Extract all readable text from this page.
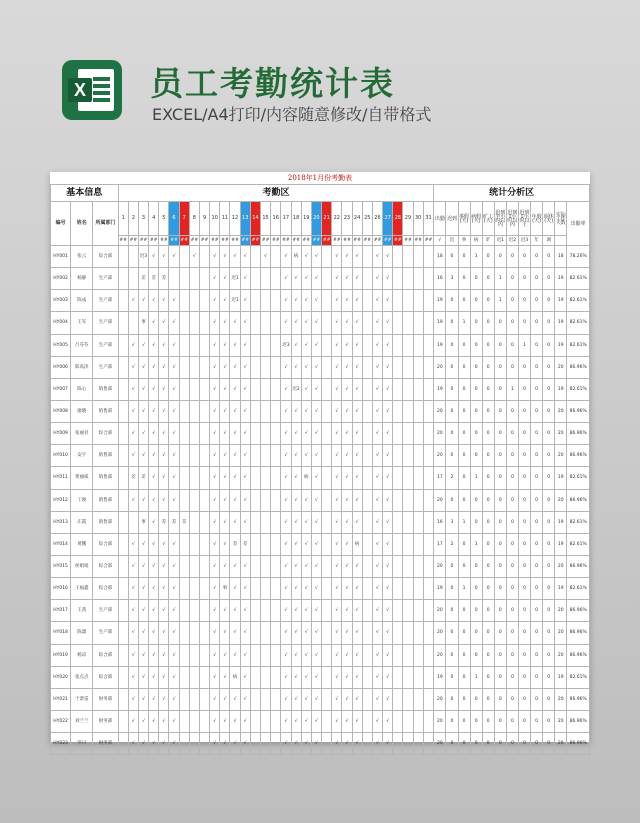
X 员工考勤统计表
EXCEL/A4打印/内容随意修改/自带格式
2018年1月份考勤表
基本信息			考勤区																															统计分析区											
编号	姓名	所属部门	1	2	3	4	5	6	7	8	9	10	11	12	13	14	15	16	17	18	19	20	21	22	23	24	25	26	27	28	29	30	31	出勤	迟到	事假(天)	病假(天)	旷工(天)	迟到半小时以内	迟到1小时以内	迟到1小时以上	年假(天)	调休(天)	实际工作天数	出勤率
			##	##	##	##	##	##	##	##	##	##	##	##	##	##	##	##	##	##	##	##	##	##	##	##	##	##	##	##	##	##	##	√	迟	事	病	旷	迟1	迟2	迟3	年	调		
HY001	张云	综合部			迟3	√	√	√		√		√	√	√	√		√		√	病	√	√		√	√	√		√	√					18	0	0	1	0	0	0	0	0	0	18	78.26%
HY002	杨静	生产部			差	差	差					√	√	迟1	√				√	√	√	√		√	√	√		√	√					16	3	0	0	0	1	0	0	0	0	19	82.61%
HY003	陈成	生产部		√	√	√	√	√				√	√	迟1	√				√	√	√	√		√	√	√		√	√					19	0	0	0	0	1	0	0	0	0	19	82.61%
HY004	王军	生产部			事	√	√	√				√	√	√	√				√	√	√	√		√	√	√		√	√					19	0	1	0	0	0	0	0	0	0	19	82.61%
HY005	吕芬芬	生产部		√	√	√	√	√				√	√	√	√				迟3	√	√	√		√	√	√		√	√					19	0	0	0	0	0	0	1	0	0	19	82.61%
HY006	陈高泽	生产部		√	√	√	√	√				√	√	√	√				√	√	√	√		√	√	√		√	√					20	0	0	0	0	0	0	0	0	0	20	86.96%
HY007	陈心	销售部		√	√	√	√	√				√	√	√	√				√	迟2	√	√		√	√	√		√	√					19	0	0	0	0	0	1	0	0	0	19	82.61%
HY008	廖晓	销售部		√	√	√	√	√				√	√	√	√				√	√	√	√		√	√	√		√	√					20	0	0	0	0	0	0	0	0	0	20	86.96%
HY009	张丽君	综合部		√	√	√	√	√				√	√	√	√				√	√	√	√		√	√	√		√	√					20	0	0	0	0	0	0	0	0	0	20	86.96%
HY010	安宇	销售部		√	√	√	√	√				√	√	√	√				√	√	√	√		√	√	√		√	√					20	0	0	0	0	0	0	0	0	0	20	86.96%
HY011	黄丽威	销售部		差	差	√	√	√				√	√	√	√				√	√	病	√		√	√	√		√	√					17	2	0	1	0	0	0	0	0	0	19	82.61%
HY012	丁俊	销售部		√	√	√	√	√				√	√	√	√				√	√	√	√		√	√	√		√	√					20	0	0	0	0	0	0	0	0	0	20	86.96%
HY013	庄霞	销售部			事	√	差	差	差			√	√	√	√				√	√	√	√		√	√	√		√	√					16	3	1	0	0	0	0	0	0	0	19	82.61%
HY014	黄鹏	综合部		√	√	√	√	√				√	√	差	差				√	√	√	√		√	√	病		√	√					17	2	0	1	0	0	0	0	0	0	19	82.61%
HY015	侯娟娟	综合部		√	√	√	√	√				√	√	√	√				√	√	√	√		√	√	√		√	√					20	0	0	0	0	0	0	0	0	0	20	86.96%
HY016	王福鑫	综合部		√	√	√	√	√				√	事	√	√				√	√	√	√		√	√	√		√	√					19	0	1	0	0	0	0	0	0	0	19	82.61%
HY017	王茜	生产部		√	√	√	√	√				√	√	√	√				√	√	√	√		√	√	√		√	√					20	0	0	0	0	0	0	0	0	0	20	86.96%
HY018	陈潇	生产部		√	√	√	√	√				√	√	√	√				√	√	√	√		√	√	√		√	√					20	0	0	0	0	0	0	0	0	0	20	86.96%
HY019	杨凉	综合部		√	√	√	√	√				√	√	√	√				√	√	√	√		√	√	√		√	√					20	0	0	0	0	0	0	0	0	0	20	86.96%
HY020	张点点	综合部		√	√	√	√	√				√	√	病	√				√	√	√	√		√	√	√		√	√					19	0	0	1	0	0	0	0	0	0	19	82.61%
HY021	于萧雷	财务部		√	√	√	√	√				√	√	√	√				√	√	√	√		√	√	√		√	√					20	0	0	0	0	0	0	0	0	0	20	86.96%
HY022	刘兰兰	财务部		√	√	√	√	√				√	√	√	√				√	√	√	√		√	√	√		√	√					20	0	0	0	0	0	0	0	0	0	20	86.96%
HY023	罗曰	财务部		√	√	√	√	√				√	√	√	√				√	√	√	√		√	√	√		√	√					20	0	0	0	0	0	0	0	0	0	20	86.96%
